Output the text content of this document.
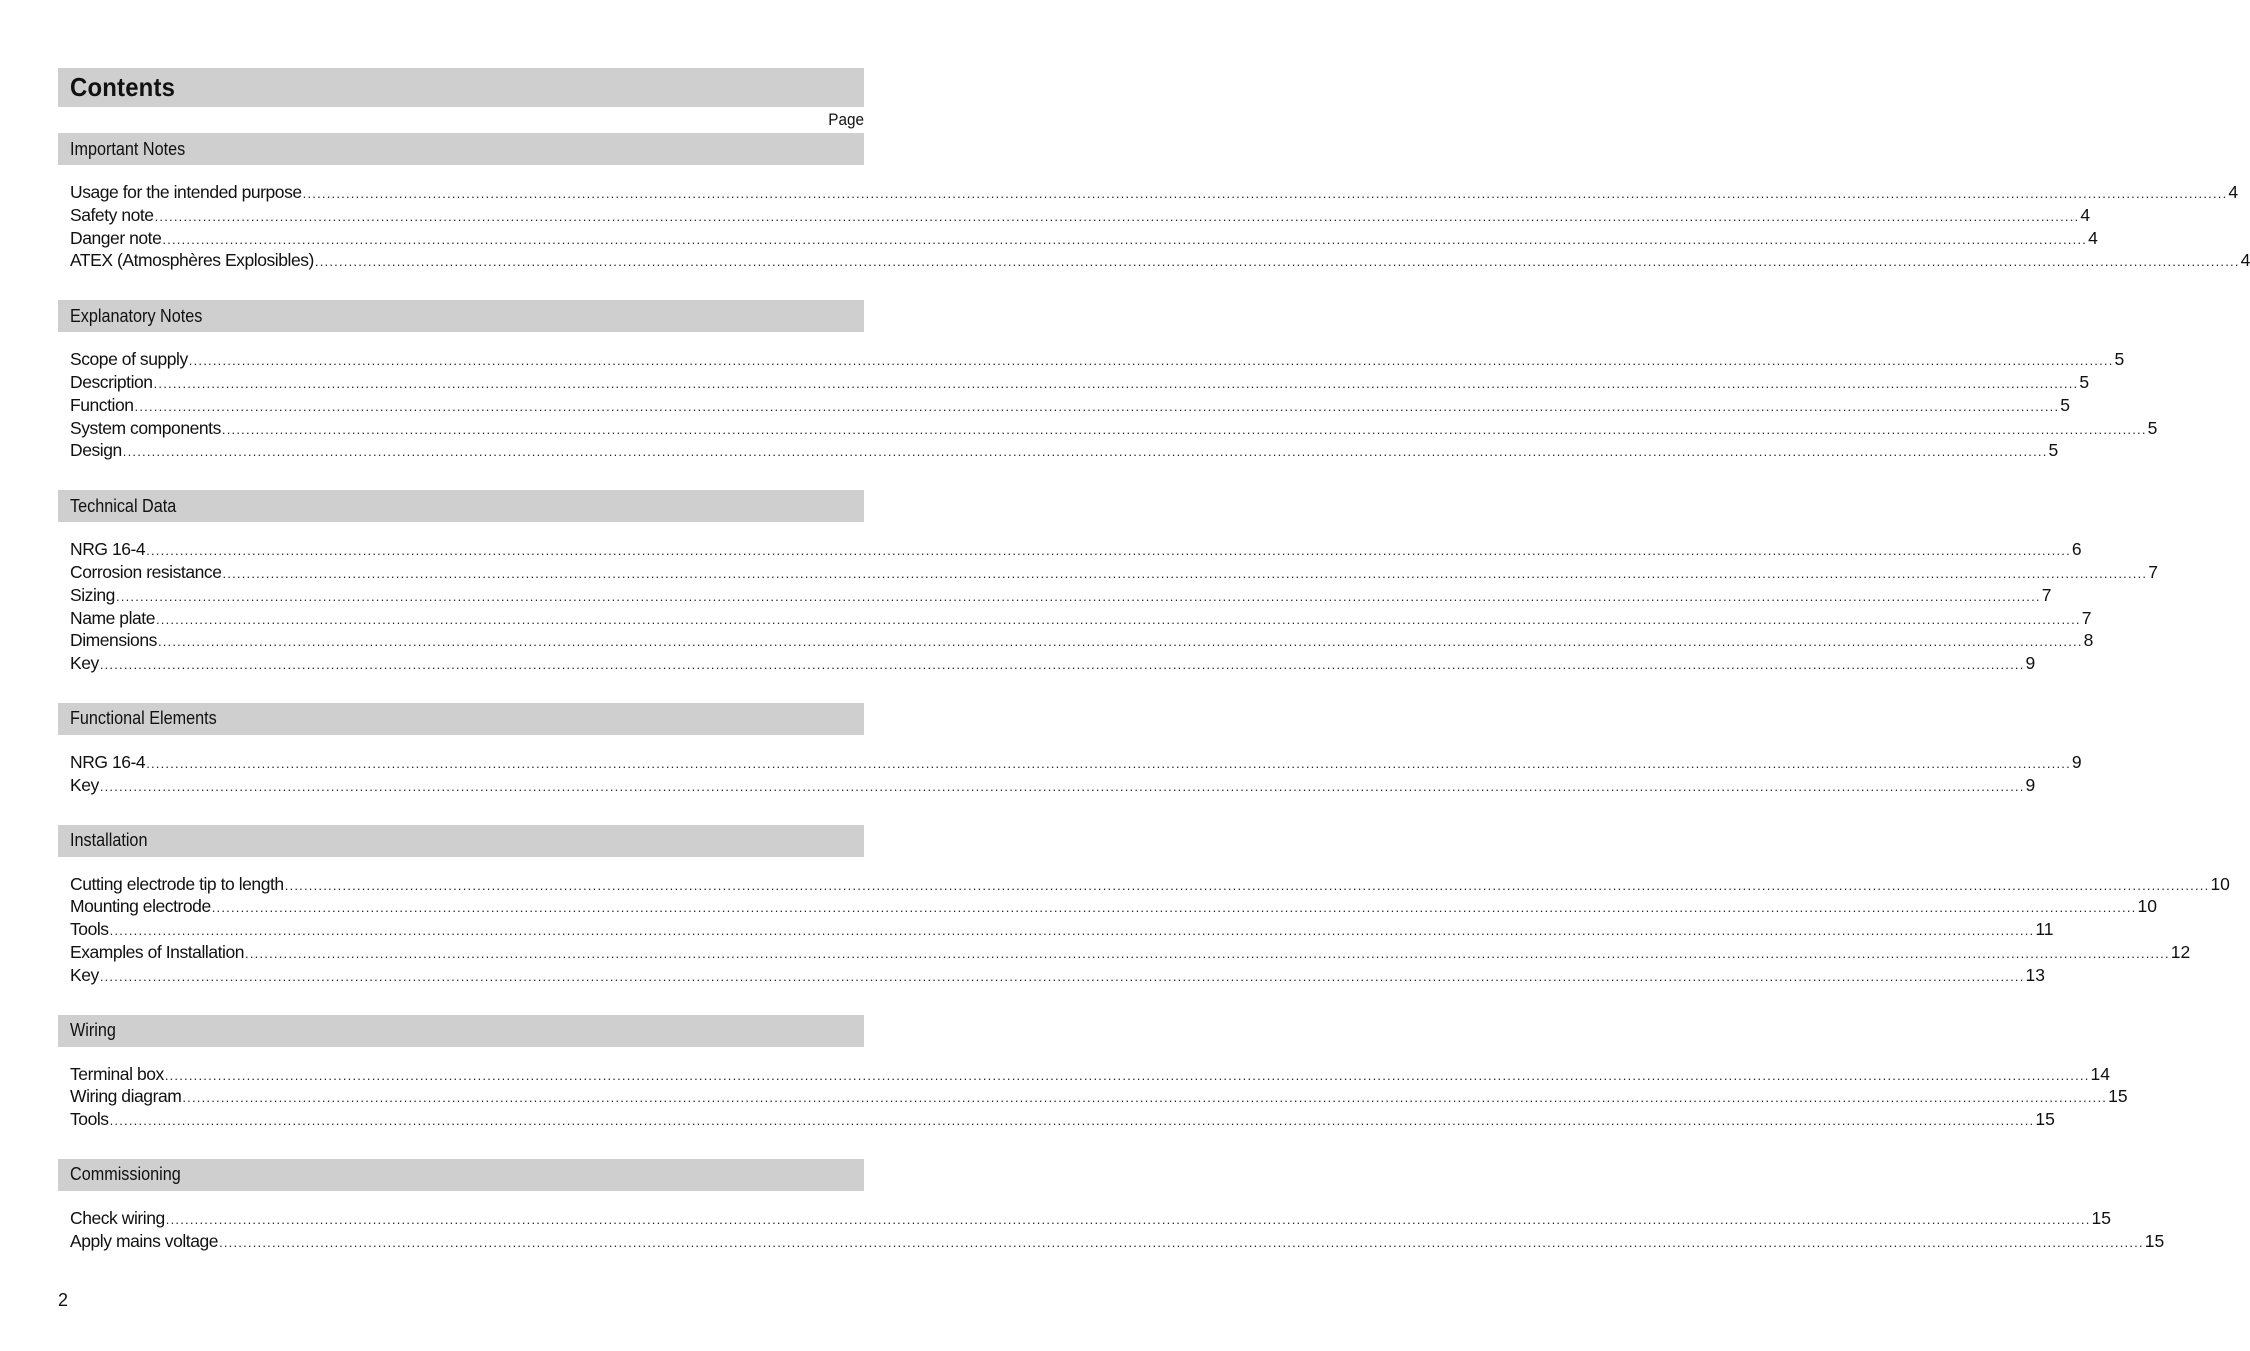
Contents
Page
Important Notes
Usage for the intended purpose ................................................................................................................................................................................................................................................................................................................................................................................................................ 4
Safety note ................................................................................................................................................................................................................................................................................................................................................................................................................ 4
Danger note ................................................................................................................................................................................................................................................................................................................................................................................................................ 4
ATEX (Atmosphères Explosibles) ................................................................................................................................................................................................................................................................................................................................................................................................................ 4
Explanatory Notes
Scope of supply ................................................................................................................................................................................................................................................................................................................................................................................................................ 5
Description ................................................................................................................................................................................................................................................................................................................................................................................................................ 5
Function ................................................................................................................................................................................................................................................................................................................................................................................................................ 5
System components ................................................................................................................................................................................................................................................................................................................................................................................................................ 5
Design ................................................................................................................................................................................................................................................................................................................................................................................................................ 5
Technical Data
NRG 16-4 ................................................................................................................................................................................................................................................................................................................................................................................................................ 6
Corrosion resistance ................................................................................................................................................................................................................................................................................................................................................................................................................ 7
Sizing ................................................................................................................................................................................................................................................................................................................................................................................................................ 7
Name plate ................................................................................................................................................................................................................................................................................................................................................................................................................ 7
Dimensions ................................................................................................................................................................................................................................................................................................................................................................................................................ 8
Key ................................................................................................................................................................................................................................................................................................................................................................................................................ 9
Functional Elements
NRG 16-4 ................................................................................................................................................................................................................................................................................................................................................................................................................ 9
Key ................................................................................................................................................................................................................................................................................................................................................................................................................ 9
Installation
Cutting electrode tip to length ................................................................................................................................................................................................................................................................................................................................................................................................................ 10
Mounting electrode ................................................................................................................................................................................................................................................................................................................................................................................................................ 10
Tools ................................................................................................................................................................................................................................................................................................................................................................................................................ 11
Examples of Installation ................................................................................................................................................................................................................................................................................................................................................................................................................ 12
Key ................................................................................................................................................................................................................................................................................................................................................................................................................ 13
Wiring
Terminal box ................................................................................................................................................................................................................................................................................................................................................................................................................ 14
Wiring diagram ................................................................................................................................................................................................................................................................................................................................................................................................................ 15
Tools ................................................................................................................................................................................................................................................................................................................................................................................................................ 15
Commissioning
Check wiring ................................................................................................................................................................................................................................................................................................................................................................................................................ 15
Apply mains voltage ................................................................................................................................................................................................................................................................................................................................................................................................................ 15
2
